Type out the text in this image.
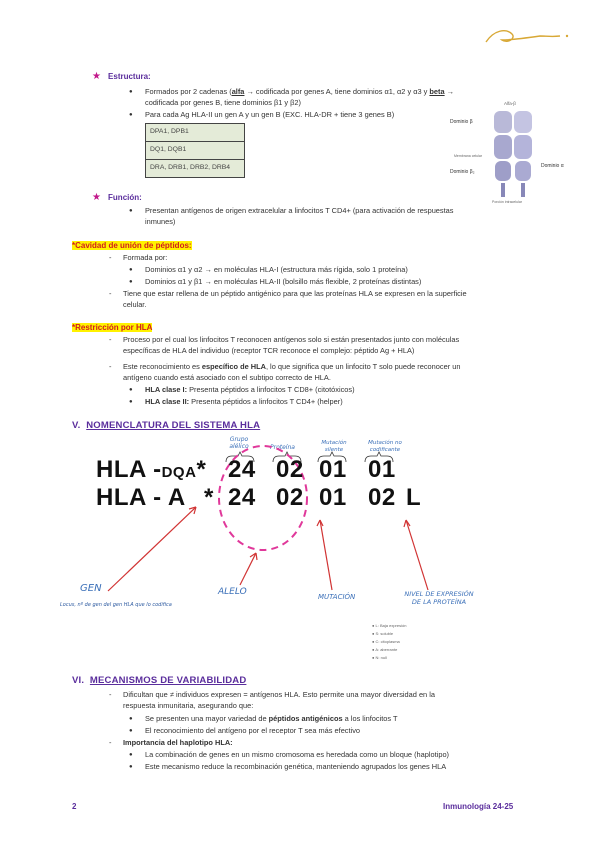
★ Estructura:
Formados por 2 cadenas (alfa → codificada por genes A, tiene dominios α1, α2 y α3 y beta →
codificada por genes B, tiene dominios β1 y β2)
Para cada Ag HLA-II un gen A y un gen B (EXC. HLA-DR + tiene 3 genes B)
DPA1, DPB1
DQ1, DQB1
DRA, DRB1, DRB2, DRB4
Alfa-β
Dominio β
Dominio β₂
Dominio α
Membrana celular
Porción intracelular
★ Función:
Presentan antígenos de origen extracelular a linfocitos T CD4+ (para activación de respuestas
inmunes)
*Cavidad de unión de péptidos:
Formada por:
Dominios α1 y α2 → en moléculas HLA-I (estructura más rígida, solo 1 proteína)
Dominios α1 y β1 → en moléculas HLA-II (bolsillo más flexible, 2 proteínas distintas)
Tiene que estar rellena de un péptido antigénico para que las proteínas HLA se expresen en la superficie
celular.
*Restricción por HLA
Proceso por el cual los linfocitos T reconocen antígenos solo si están presentados junto con moléculas
específicas de HLA del individuo (receptor TCR reconoce el complejo: péptido Ag + HLA)
Este reconocimiento es específico de HLA, lo que significa que un linfocito T solo puede reconocer un
antígeno cuando está asociado con el subtipo correcto de HLA.
HLA clase I: Presenta péptidos a linfocitos T CD8+ (citotóxicos)
HLA clase II: Presenta péptidos a linfocitos T CD4+ (helper)
V. NOMENCLATURA DEL SISTEMA HLA
Grupo alélico	Proteína
Mutación silente
Mutación no codificante
HLA -DQA* 24 02 01 01
HLA - A * 24 02 01 02 L
GEN
Locus, nº de gen del gen HLA que lo codifica
ALELO	MUTACIÓN	NIVEL DE EXPRESIÓN DE LA PROTEÍNA
● L: Baja expresión
● S: soluble
● C: citoplasma
● A: aberrante
● N: null
VI. MECANISMOS DE VARIABILIDAD
Dificultan que ≠ individuos expresen = antígenos HLA. Esto permite una mayor diversidad en la
respuesta inmunitaria, asegurando que:
Se presenten una mayor variedad de péptidos antigénicos a los linfocitos T
El reconocimiento del antígeno por el receptor T sea más efectivo
Importancia del haplotipo HLA:
La combinación de genes en un mismo cromosoma es heredada como un bloque (haplotipo)
Este mecanismo reduce la recombinación genética, manteniendo agrupados los genes HLA
2	Inmunología 24-25
